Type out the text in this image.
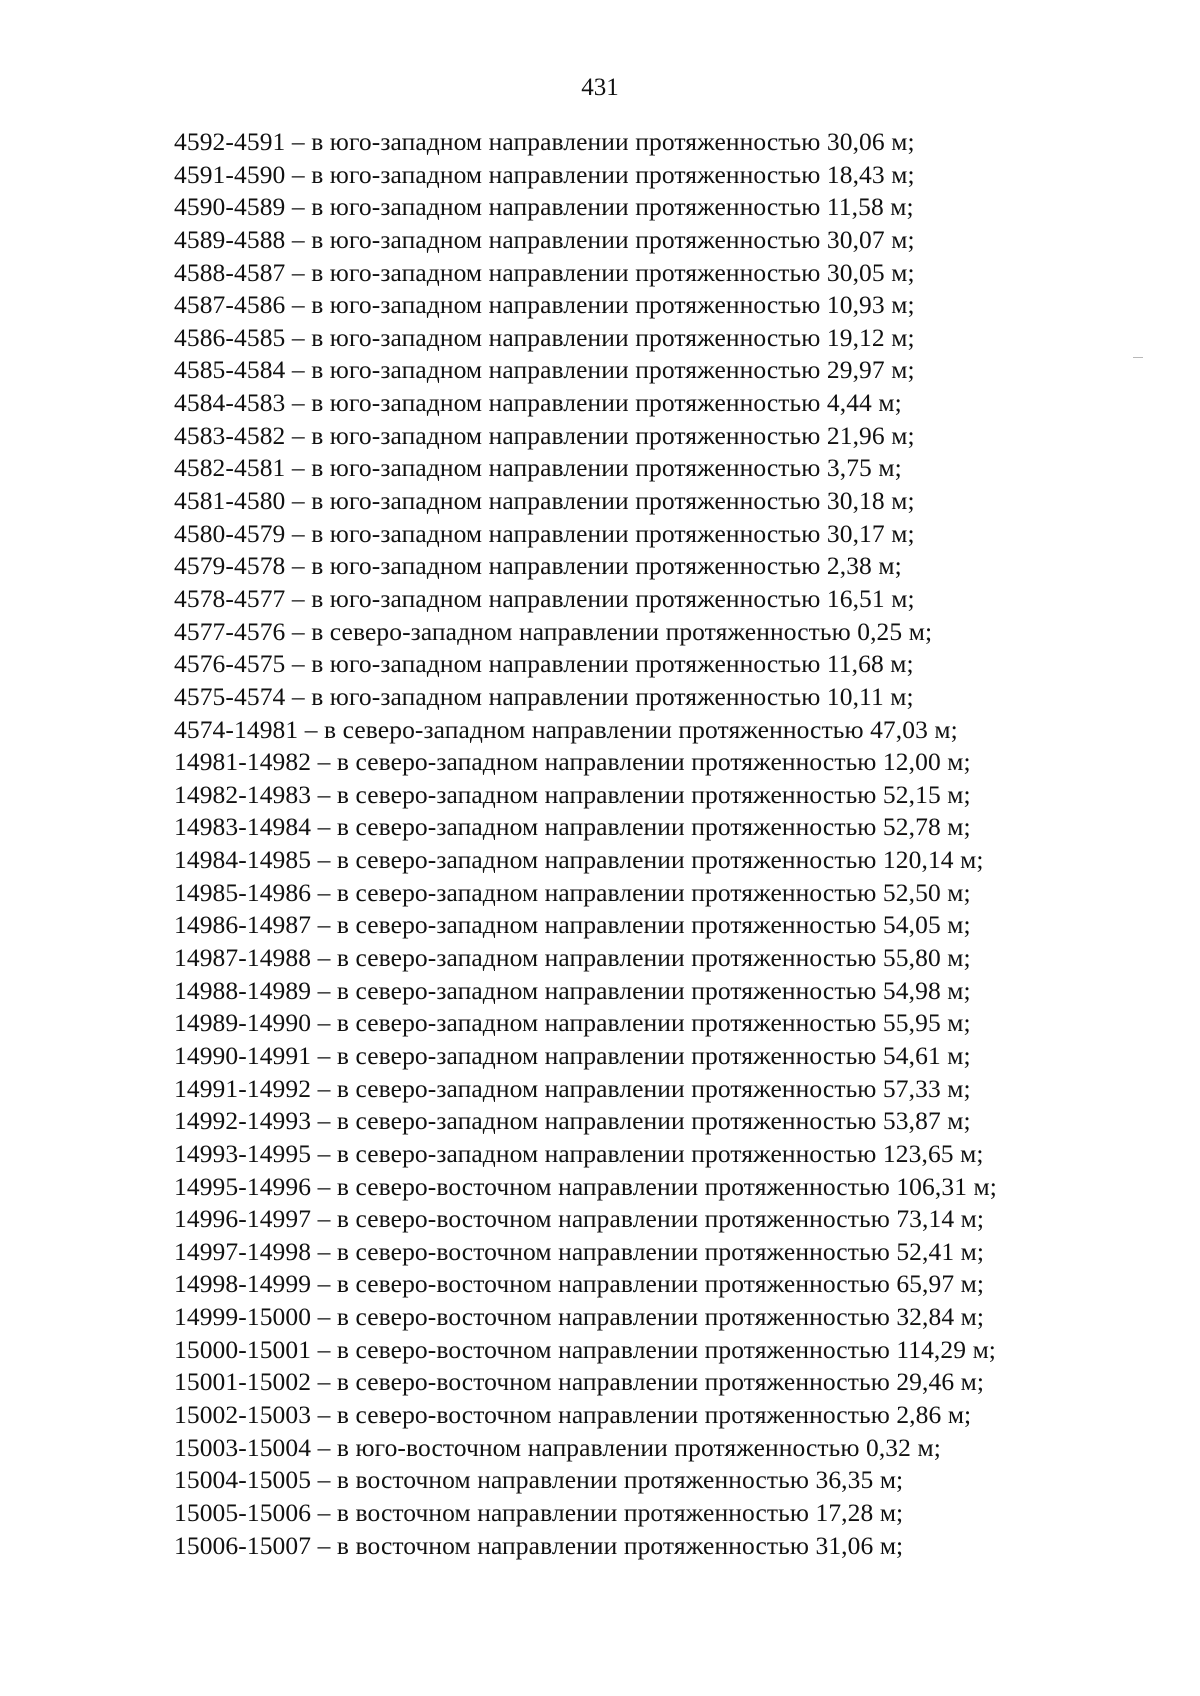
431
4592-4591 – в юго-западном направлении протяженностью 30,06 м;
4591-4590 – в юго-западном направлении протяженностью 18,43 м;
4590-4589 – в юго-западном направлении протяженностью 11,58 м;
4589-4588 – в юго-западном направлении протяженностью 30,07 м;
4588-4587 – в юго-западном направлении протяженностью 30,05 м;
4587-4586 – в юго-западном направлении протяженностью 10,93 м;
4586-4585 – в юго-западном направлении протяженностью 19,12 м;
4585-4584 – в юго-западном направлении протяженностью 29,97 м;
4584-4583 – в юго-западном направлении протяженностью 4,44 м;
4583-4582 – в юго-западном направлении протяженностью 21,96 м;
4582-4581 – в юго-западном направлении протяженностью 3,75 м;
4581-4580 – в юго-западном направлении протяженностью 30,18 м;
4580-4579 – в юго-западном направлении протяженностью 30,17 м;
4579-4578 – в юго-западном направлении протяженностью 2,38 м;
4578-4577 – в юго-западном направлении протяженностью 16,51 м;
4577-4576 – в северо-западном направлении протяженностью 0,25 м;
4576-4575 – в юго-западном направлении протяженностью 11,68 м;
4575-4574 – в юго-западном направлении протяженностью 10,11 м;
4574-14981 – в северо-западном направлении протяженностью 47,03 м;
14981-14982 – в северо-западном направлении протяженностью 12,00 м;
14982-14983 – в северо-западном направлении протяженностью 52,15 м;
14983-14984 – в северо-западном направлении протяженностью 52,78 м;
14984-14985 – в северо-западном направлении протяженностью 120,14 м;
14985-14986 – в северо-западном направлении протяженностью 52,50 м;
14986-14987 – в северо-западном направлении протяженностью 54,05 м;
14987-14988 – в северо-западном направлении протяженностью 55,80 м;
14988-14989 – в северо-западном направлении протяженностью 54,98 м;
14989-14990 – в северо-западном направлении протяженностью 55,95 м;
14990-14991 – в северо-западном направлении протяженностью 54,61 м;
14991-14992 – в северо-западном направлении протяженностью 57,33 м;
14992-14993 – в северо-западном направлении протяженностью 53,87 м;
14993-14995 – в северо-западном направлении протяженностью 123,65 м;
14995-14996 – в северо-восточном направлении протяженностью 106,31 м;
14996-14997 – в северо-восточном направлении протяженностью 73,14 м;
14997-14998 – в северо-восточном направлении протяженностью 52,41 м;
14998-14999 – в северо-восточном направлении протяженностью 65,97 м;
14999-15000 – в северо-восточном направлении протяженностью 32,84 м;
15000-15001 – в северо-восточном направлении протяженностью 114,29 м;
15001-15002 – в северо-восточном направлении протяженностью 29,46 м;
15002-15003 – в северо-восточном направлении протяженностью 2,86 м;
15003-15004 – в юго-восточном направлении протяженностью 0,32 м;
15004-15005 – в восточном направлении протяженностью 36,35 м;
15005-15006 – в восточном направлении протяженностью 17,28 м;
15006-15007 – в восточном направлении протяженностью 31,06 м;
